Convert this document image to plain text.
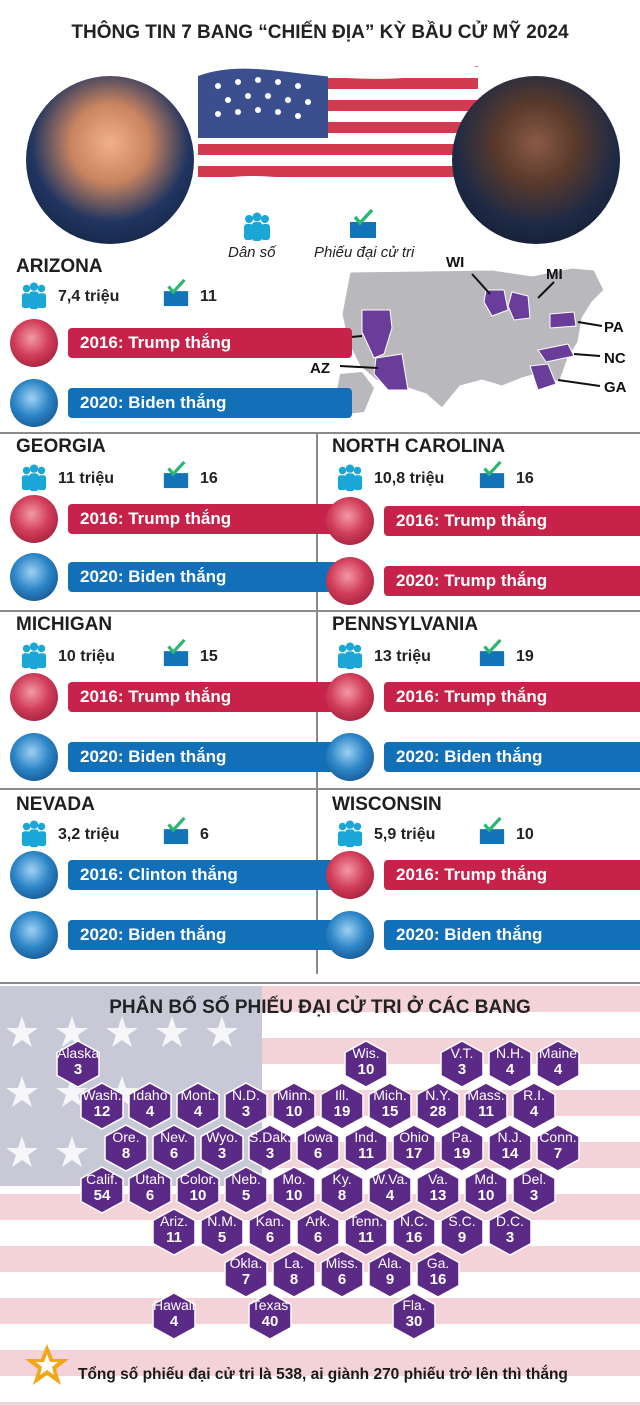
THÔNG TIN 7 BANG “CHIẾN ĐỊA” KỲ BẦU CỬ MỸ 2024
Dân số	Phiếu đại cử tri
WI
MI
PA
NC
AZ
GA
ARIZONA
7,4 triệu	11
2016: Trump thắng
2020: Biden thắng
GEORGIA
11 triệu	16
2016: Trump thắng
2020: Biden thắng
NORTH CAROLINA
10,8 triệu	16
2016: Trump thắng
2020: Trump thắng
MICHIGAN
10 triệu	15
2016: Trump thắng
2020: Biden thắng
PENNSYLVANIA
13 triệu	19
2016: Trump thắng
2020: Biden thắng
NEVADA
3,2 triệu	6
2016: Clinton thắng
2020: Biden thắng
WISCONSIN
5,9 triệu	10
2016: Trump thắng
2020: Biden thắng
PHÂN BỔ SỐ PHIẾU ĐẠI CỬ TRI Ở CÁC BANG
Alaska
3
Wis.
10
V.T.
3
N.H.
4
Maine
4
Wash.
12
Idaho
4
Mont.
4
N.D.
3
Minn.
10
Ill.
19
Mich.
15
N.Y.
28
Mass.
11
R.I.
4
Ore.
8
Nev.
6
Wyo.
3
S.Dak.
3
Iowa
6
Ind.
11
Ohio
17
Pa.
19
N.J.
14
Conn.
7
Calif.
54
Utah
6
Color.
10
Neb.
5
Mo.
10
Ky.
8
W.Va.
4
Va.
13
Md.
10
Del.
3
Ariz.
11
N.M.
5
Kan.
6
Ark.
6
Tenn.
11
N.C.
16
S.C.
9
D.C.
3
Okla.
7
La.
8
Miss.
6
Ala.
9
Ga.
16
Hawaii
4
Texas
40
Fla.
30
Tổng số phiếu đại cử tri là 538, ai giành 270 phiếu trở lên thì thắng
